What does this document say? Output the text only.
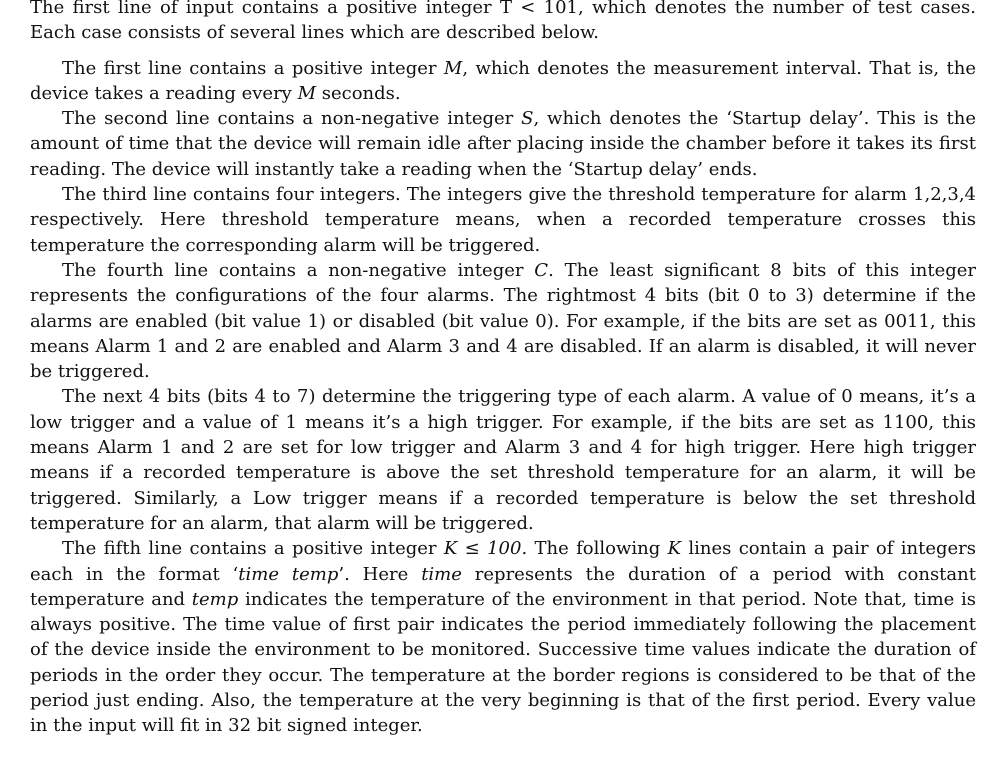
The first line of input contains a positive integer T < 101, which denotes the number of test cases. Each case consists of several lines which are described below.

The first line contains a positive integer M, which denotes the measurement interval. That is, the device takes a reading every M seconds.

The second line contains a non-negative integer S, which denotes the ‘Startup delay’. This is the amount of time that the device will remain idle after placing inside the chamber before it takes its first reading. The device will instantly take a reading when the ‘Startup delay’ ends.

The third line contains four integers. The integers give the threshold temperature for alarm 1,2,3,4 respectively. Here threshold temperature means, when a recorded temperature crosses this temperature the corresponding alarm will be triggered.

The fourth line contains a non-negative integer C. The least significant 8 bits of this integer represents the configurations of the four alarms. The rightmost 4 bits (bit 0 to 3) determine if the alarms are enabled (bit value 1) or disabled (bit value 0). For example, if the bits are set as 0011, this means Alarm 1 and 2 are enabled and Alarm 3 and 4 are disabled. If an alarm is disabled, it will never be triggered.

The next 4 bits (bits 4 to 7) determine the triggering type of each alarm. A value of 0 means, it’s a low trigger and a value of 1 means it’s a high trigger. For example, if the bits are set as 1100, this means Alarm 1 and 2 are set for low trigger and Alarm 3 and 4 for high trigger. Here high trigger means if a recorded temperature is above the set threshold temperature for an alarm, it will be triggered. Similarly, a Low trigger means if a recorded temperature is below the set threshold temperature for an alarm, that alarm will be triggered.

The fifth line contains a positive integer K ≤ 100. The following K lines contain a pair of integers each in the format ‘time temp’. Here time represents the duration of a period with constant temperature and temp indicates the temperature of the environment in that period. Note that, time is always positive. The time value of first pair indicates the period immediately following the placement of the device inside the environment to be monitored. Successive time values indicate the duration of periods in the order they occur. The temperature at the border regions is considered to be that of the period just ending. Also, the temperature at the very beginning is that of the first period. Every value in the input will fit in 32 bit signed integer.
